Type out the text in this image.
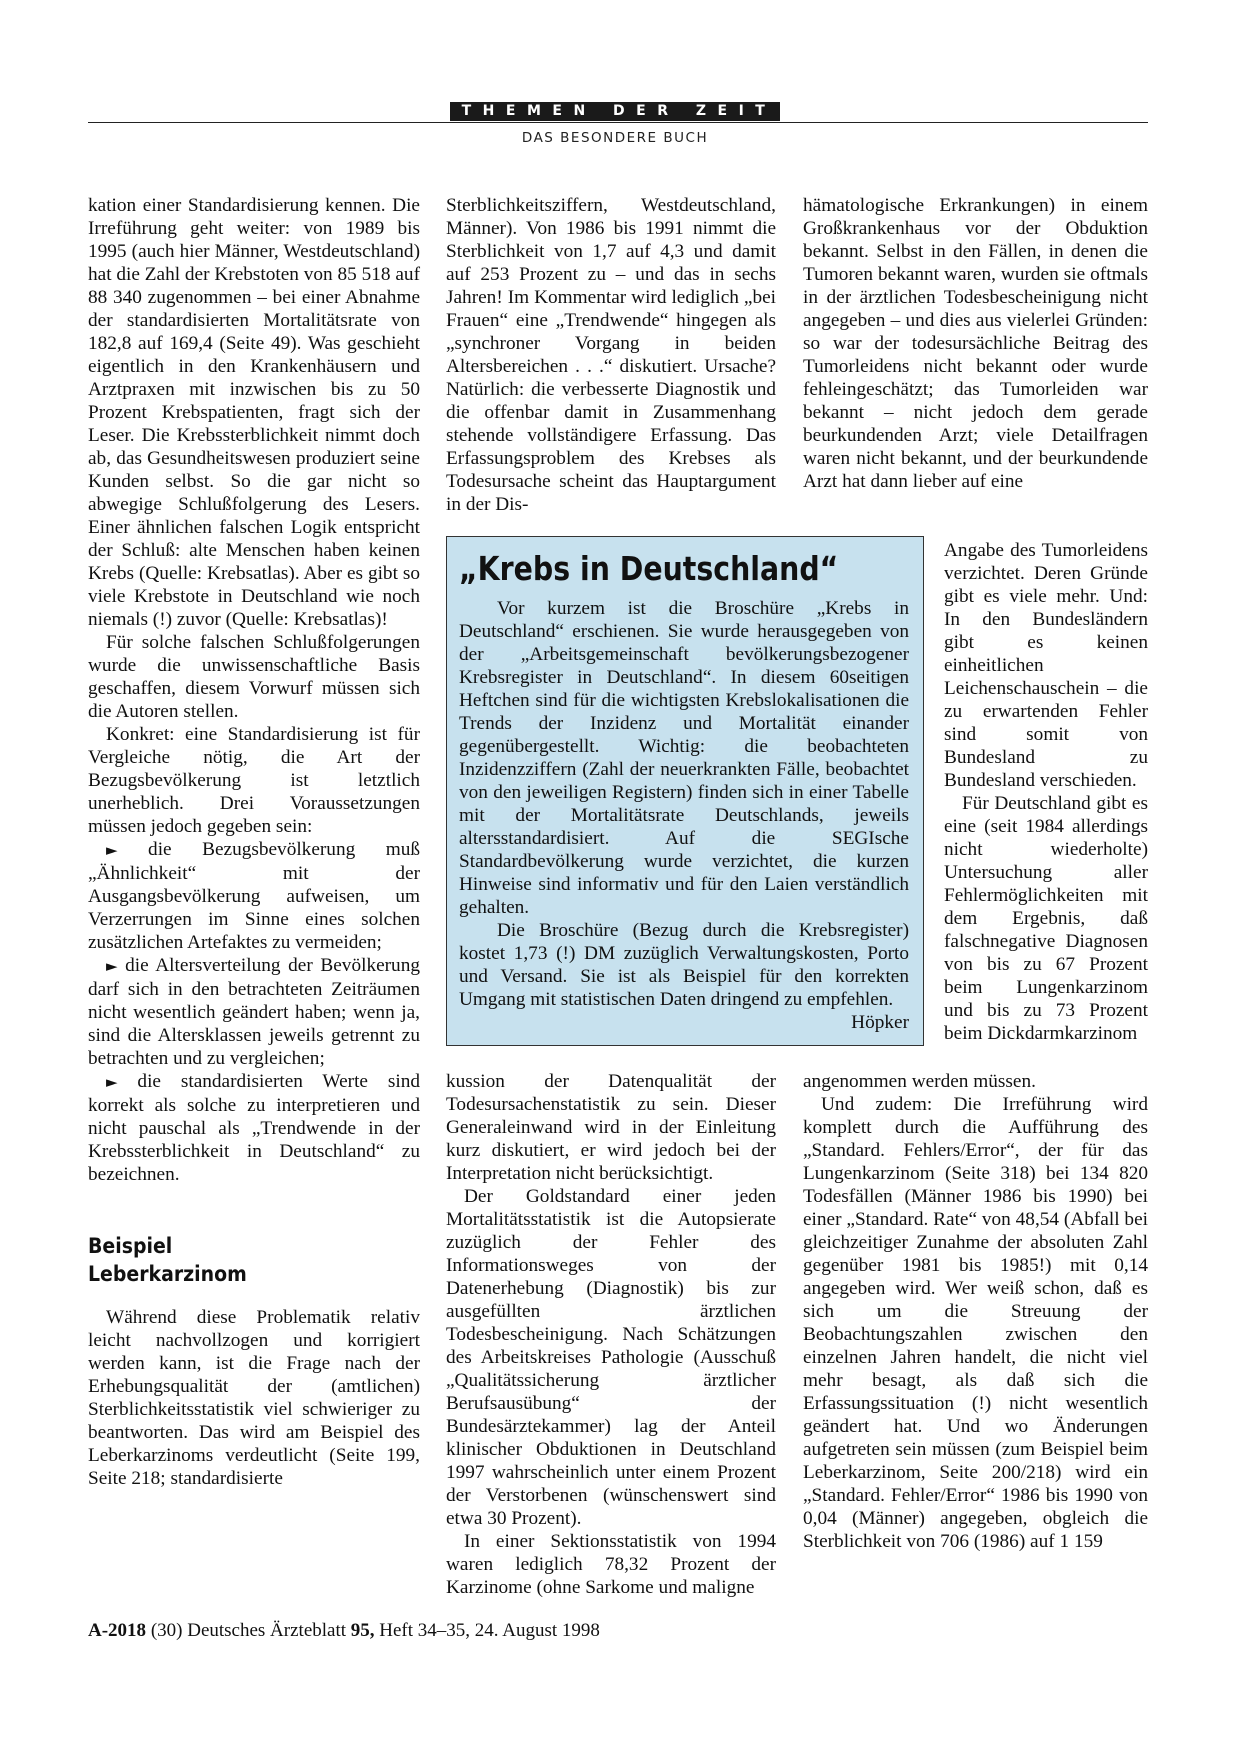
THEMEN DER ZEIT
DAS BESONDERE BUCH

kation einer Standardisierung kennen. Die Irreführung geht weiter: von 1989 bis 1995 (auch hier Männer, Westdeutschland) hat die Zahl der Krebstoten von 85 518 auf 88 340 zugenommen – bei einer Abnahme der standardisierten Mortalitätsrate von 182,8 auf 169,4 (Seite 49). Was geschieht eigentlich in den Krankenhäusern und Arztpraxen mit inzwischen bis zu 50 Prozent Krebspatienten, fragt sich der Leser. Die Krebssterblichkeit nimmt doch ab, das Gesundheitswesen produziert seine Kunden selbst. So die gar nicht so abwegige Schlußfolgerung des Lesers. Einer ähnlichen falschen Logik entspricht der Schluß: alte Menschen haben keinen Krebs (Quelle: Krebsatlas). Aber es gibt so viele Krebstote in Deutschland wie noch niemals (!) zuvor (Quelle: Krebsatlas)!

Für solche falschen Schlußfolgerungen wurde die unwissenschaftliche Basis geschaffen, diesem Vorwurf müssen sich die Autoren stellen.

Konkret: eine Standardisierung ist für Vergleiche nötig, die Art der Bezugsbevölkerung ist letztlich unerheblich. Drei Voraussetzungen müssen jedoch gegeben sein:

► die Bezugsbevölkerung muß „Ähnlichkeit“ mit der Ausgangsbevölkerung aufweisen, um Verzerrungen im Sinne eines solchen zusätzlichen Artefaktes zu vermeiden;

► die Altersverteilung der Bevölkerung darf sich in den betrachteten Zeiträumen nicht wesentlich geändert haben; wenn ja, sind die Altersklassen jeweils getrennt zu betrachten und zu vergleichen;

► die standardisierten Werte sind korrekt als solche zu interpretieren und nicht pauschal als „Trendwende in der Krebssterblichkeit in Deutschland“ zu bezeichnen.

Beispiel Leberkarzinom

Während diese Problematik relativ leicht nachvollzogen und korrigiert werden kann, ist die Frage nach der Erhebungsqualität der (amtlichen) Sterblichkeitsstatistik viel schwieriger zu beantworten. Das wird am Beispiel des Leberkarzinoms verdeutlicht (Seite 199, Seite 218; standardisierte

Sterblichkeitsziffern, Westdeutschland, Männer). Von 1986 bis 1991 nimmt die Sterblichkeit von 1,7 auf 4,3 und damit auf 253 Prozent zu – und das in sechs Jahren! Im Kommentar wird lediglich „bei Frauen“ eine „Trendwende“ hingegen als „synchroner Vorgang in beiden Altersbereichen . . .“ diskutiert. Ursache? Natürlich: die verbesserte Diagnostik und die offenbar damit in Zusammenhang stehende vollständigere Erfassung. Das Erfassungsproblem des Krebses als Todesursache scheint das Hauptargument in der Dis-

„Krebs in Deutschland“

Vor kurzem ist die Broschüre „Krebs in Deutschland“ erschienen. Sie wurde herausgegeben von der „Arbeitsgemeinschaft bevölkerungsbezogener Krebsregister in Deutschland“. In diesem 60seitigen Heftchen sind für die wichtigsten Krebslokalisationen die Trends der Inzidenz und Mortalität einander gegenübergestellt. Wichtig: die beobachteten Inzidenzziffern (Zahl der neuerkrankten Fälle, beobachtet von den jeweiligen Registern) finden sich in einer Tabelle mit der Mortalitätsrate Deutschlands, jeweils altersstandardisiert. Auf die SEGIsche Standardbevölkerung wurde verzichtet, die kurzen Hinweise sind informativ und für den Laien verständlich gehalten.

Die Broschüre (Bezug durch die Krebsregister) kostet 1,73 (!) DM zuzüglich Verwaltungskosten, Porto und Versand. Sie ist als Beispiel für den korrekten Umgang mit statistischen Daten dringend zu empfehlen.

Höpker

kussion der Datenqualität der Todesursachenstatistik zu sein. Dieser Generaleinwand wird in der Einleitung kurz diskutiert, er wird jedoch bei der Interpretation nicht berücksichtigt.

Der Goldstandard einer jeden Mortalitätsstatistik ist die Autopsierate zuzüglich der Fehler des Informationsweges von der Datenerhebung (Diagnostik) bis zur ausgefüllten ärztlichen Todesbescheinigung. Nach Schätzungen des Arbeitskreises Pathologie (Ausschuß „Qualitätssicherung ärztlicher Berufsausübung“ der Bundesärztekammer) lag der Anteil klinischer Obduktionen in Deutschland 1997 wahrscheinlich unter einem Prozent der Verstorbenen (wünschenswert sind etwa 30 Prozent).

In einer Sektionsstatistik von 1994 waren lediglich 78,32 Prozent der Karzinome (ohne Sarkome und maligne

hämatologische Erkrankungen) in einem Großkrankenhaus vor der Obduktion bekannt. Selbst in den Fällen, in denen die Tumoren bekannt waren, wurden sie oftmals in der ärztlichen Todesbescheinigung nicht angegeben – und dies aus vielerlei Gründen: so war der todesursächliche Beitrag des Tumorleidens nicht bekannt oder wurde fehleingeschätzt; das Tumorleiden war bekannt – nicht jedoch dem gerade beurkundenden Arzt; viele Detailfragen waren nicht bekannt, und der beurkundende Arzt hat dann lieber auf eine

Angabe des Tumorleidens verzichtet. Deren Gründe gibt es viele mehr. Und: In den Bundesländern gibt es keinen einheitlichen Leichenschauschein – die zu erwartenden Fehler sind somit von Bundesland zu Bundesland verschieden.

Für Deutschland gibt es eine (seit 1984 allerdings nicht wiederholte) Untersuchung aller Fehlermöglichkeiten mit dem Ergebnis, daß falschnegative Diagnosen von bis zu 67 Prozent beim Lungenkarzinom und bis zu 73 Prozent beim Dickdarmkarzinom

angenommen werden müssen.

Und zudem: Die Irreführung wird komplett durch die Aufführung des „Standard. Fehlers/Error“, der für das Lungenkarzinom (Seite 318) bei 134 820 Todesfällen (Männer 1986 bis 1990) bei einer „Standard. Rate“ von 48,54 (Abfall bei gleichzeitiger Zunahme der absoluten Zahl gegenüber 1981 bis 1985!) mit 0,14 angegeben wird. Wer weiß schon, daß es sich um die Streuung der Beobachtungszahlen zwischen den einzelnen Jahren handelt, die nicht viel mehr besagt, als daß sich die Erfassungssituation (!) nicht wesentlich geändert hat. Und wo Änderungen aufgetreten sein müssen (zum Beispiel beim Leberkarzinom, Seite 200/218) wird ein „Standard. Fehler/Error“ 1986 bis 1990 von 0,04 (Männer) angegeben, obgleich die Sterblichkeit von 706 (1986) auf 1 159

A-2018 (30) Deutsches Ärzteblatt 95, Heft 34–35, 24. August 1998
